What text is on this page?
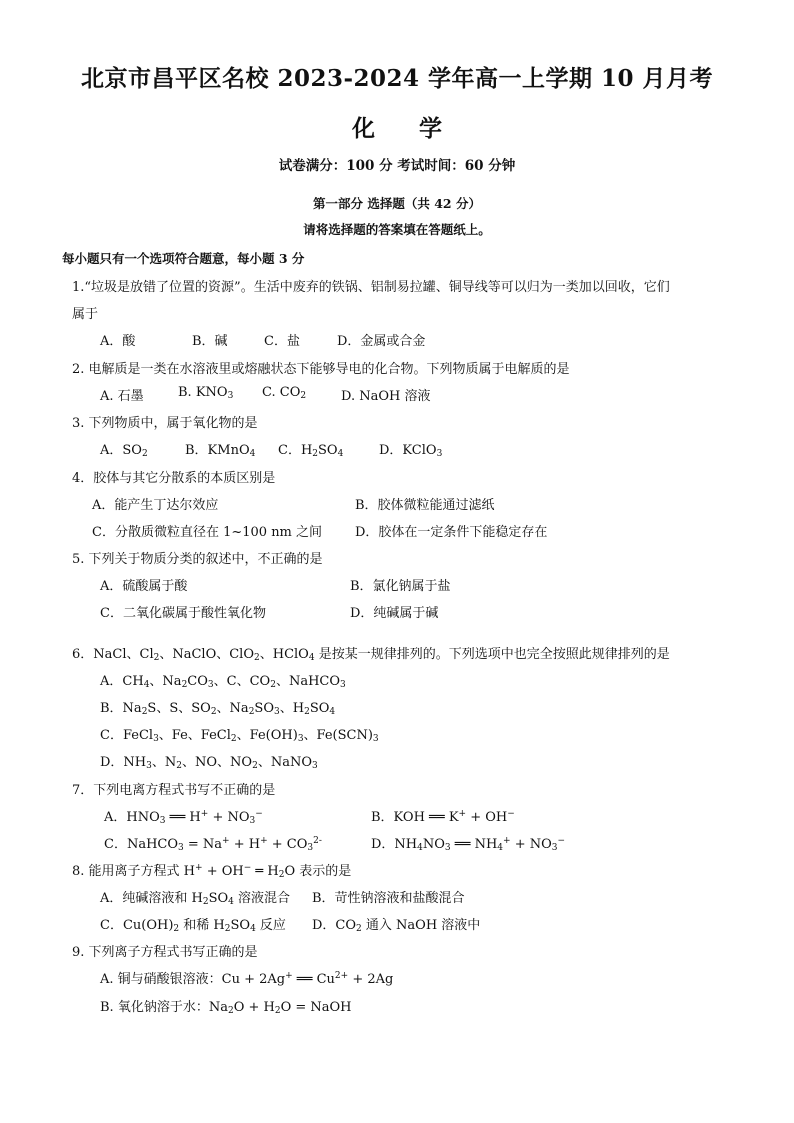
北京市昌平区名校 2023-2024 学年高一上学期 10 月月考
化 学
试卷满分：100 分 考试时间：60 分钟
第一部分 选择题（共 42 分）
请将选择题的答案填在答题纸上。
每小题只有一个选项符合题意，每小题 3 分
1.“垃圾是放错了位置的资源”。生活中废弃的铁锅、铝制易拉罐、铜导线等可以归为一类加以回收，它们
属于
A．酸	B．碱	C．盐	D．金属或合金
2. 电解质是一类在水溶液里或熔融状态下能够导电的化合物。下列物质属于电解质的是
A. 石墨	B. $KNO_3$ C. $CO_2$	D. NaOH 溶液
3. 下列物质中，属于氧化物的是
A．$SO_2$	B．KMnO$_4$ C．$H_2SO_4$	D．KClO$_3$
4．胶体与其它分散系的本质区别是
A．能产生丁达尔效应	B．胶体微粒能通过滤纸
C．分散质微粒直径在 1~100 nm 之间	D．胶体在一定条件下能稳定存在
5. 下列关于物质分类的叙述中，不正确的是
A．硫酸属于酸	B．氯化钠属于盐
C．二氧化碳属于酸性氧化物	D．纯碱属于碱
6．NaCl、$Cl_2$、NaClO、ClO$_2$、HClO$_4$ 是按某一规律排列的。下列选项中也完全按照此规律排列的是
A．$CH_4$、$Na_2CO_3$、C、$CO_2$、NaHCO$_3$
B．$Na_2S$、S、$SO_2$、$Na_2SO_3$、$H_2SO_4$
C．FeCl$_3$、Fe、FeCl$_2$、$Fe(OH)_3$、$Fe(SCN)_3$
D．$NH_3$、$N_2$、NO、$NO_2$、NaNO$_3$
7．下列电离方程式书写不正确的是
A．$HNO_3$ ══ $H^+ + NO_3^-$	B．KOH ══ K+ + OH−
C．NaHCO$_3$ = $Na^+ + H^+ + CO_3^{2-}$	D．$NH_4NO_3$ ══ $NH_4^+ + NO_3^-$
8. 能用离子方程式 H+ + OH− ═ $H_2O$ 表示的是
A．纯碱溶液和 $H_2SO_4$ 溶液混合 B．苛性钠溶液和盐酸混合
C．$Cu(OH)_2$ 和稀 $H_2SO_4$ 反应 D．$CO_2$ 通入 NaOH 溶液中
9. 下列离子方程式书写正确的是
A. 铜与硝酸银溶液：Cu + 2Ag+ ══ $Cu^{2+} + 2Ag$
B. 氧化钠溶于水：$Na_2O + H_2O$ = NaOH
